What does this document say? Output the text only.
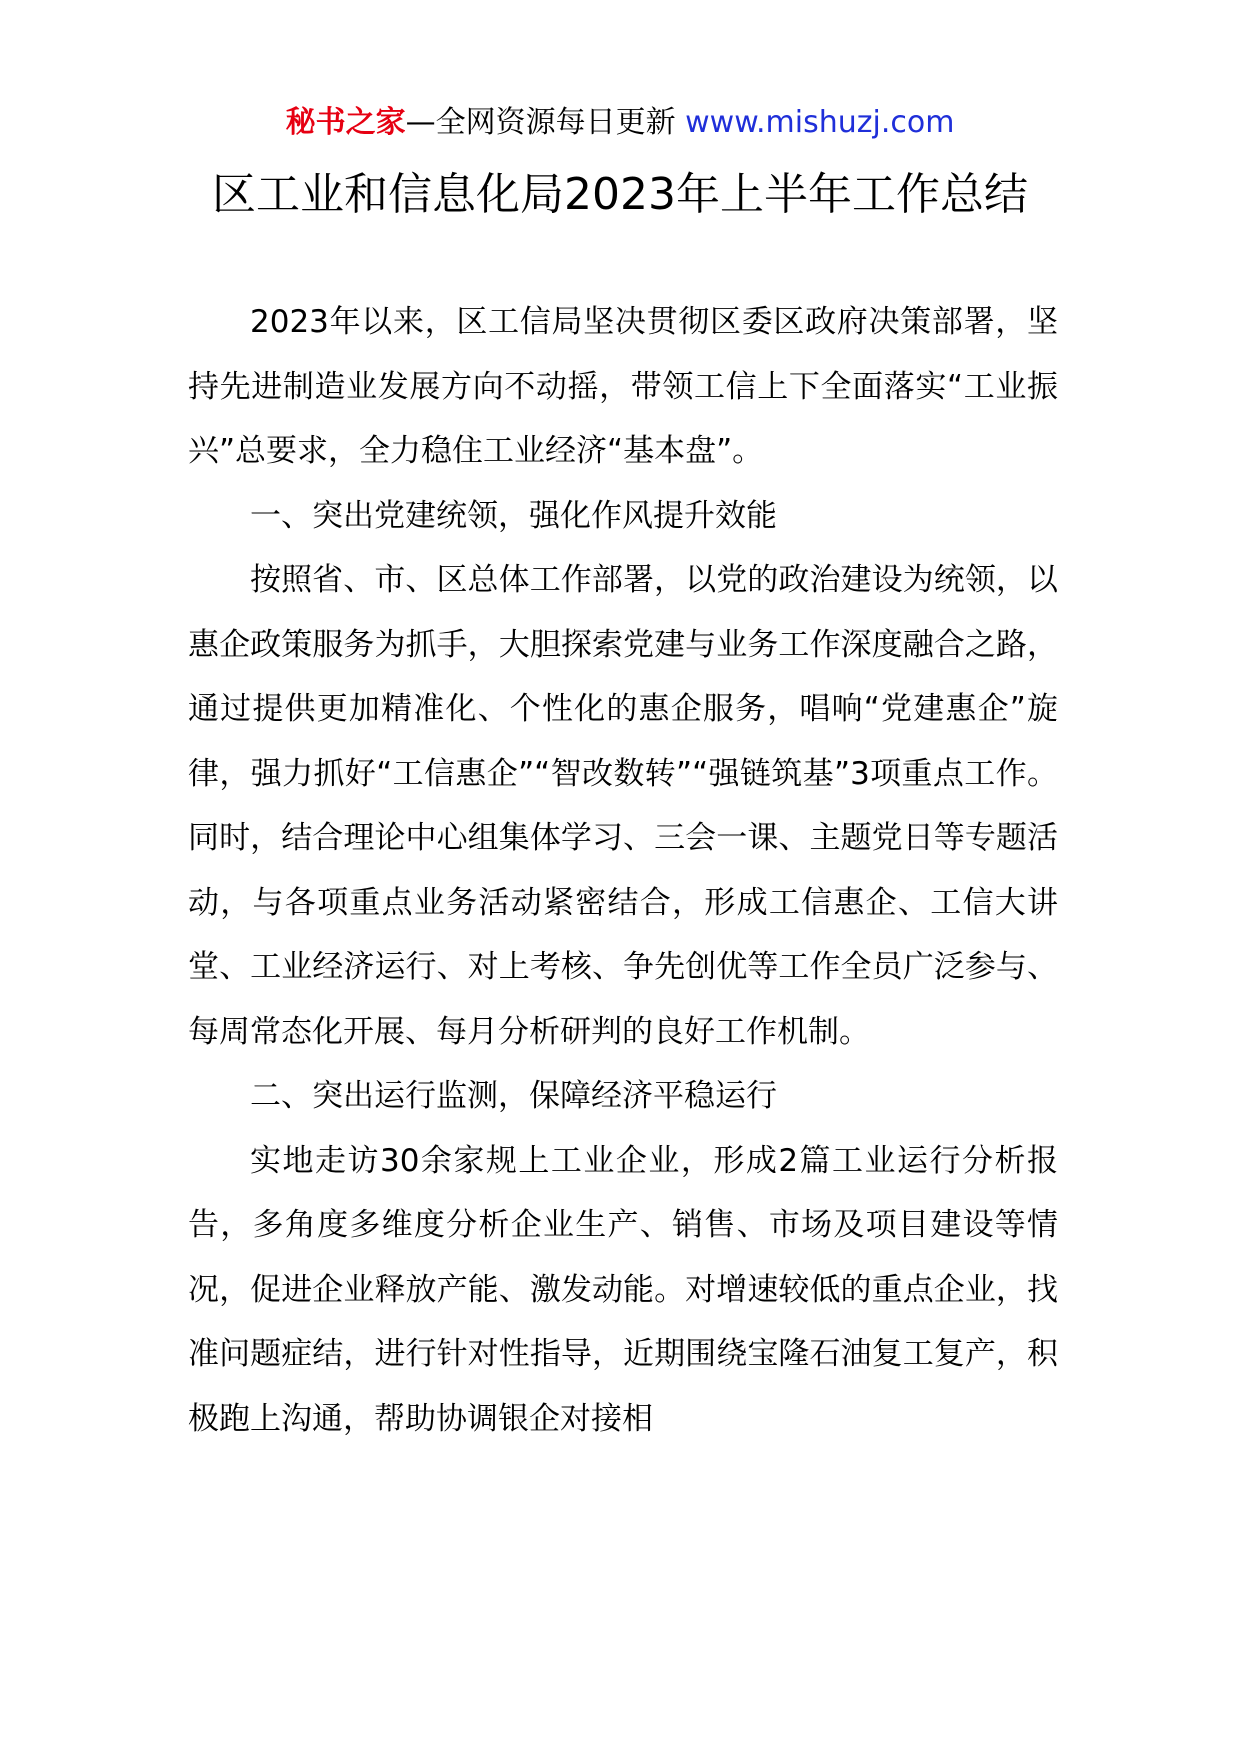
秘书之家—全网资源每日更新 www.mishuzj.com
区工业和信息化局2023年上半年工作总结

2023年以来，区工信局坚决贯彻区委区政府决策部署，坚持先进制造业发展方向不动摇，带领工信上下全面落实“工业振兴”总要求，全力稳住工业经济“基本盘”。

一、突出党建统领，强化作风提升效能

按照省、市、区总体工作部署，以党的政治建设为统领，以惠企政策服务为抓手，大胆探索党建与业务工作深度融合之路，通过提供更加精准化、个性化的惠企服务，唱响“党建惠企”旋律，强力抓好“工信惠企”“智改数转”“强链筑基”3项重点工作。同时，结合理论中心组集体学习、三会一课、主题党日等专题活动，与各项重点业务活动紧密结合，形成工信惠企、工信大讲堂、工业经济运行、对上考核、争先创优等工作全员广泛参与、每周常态化开展、每月分析研判的良好工作机制。

二、突出运行监测，保障经济平稳运行

实地走访30余家规上工业企业，形成2篇工业运行分析报告，多角度多维度分析企业生产、销售、市场及项目建设等情况，促进企业释放产能、激发动能。对增速较低的重点企业，找准问题症结，进行针对性指导，近期围绕宝隆石油复工复产，积极跑上沟通，帮助协调银企对接相
